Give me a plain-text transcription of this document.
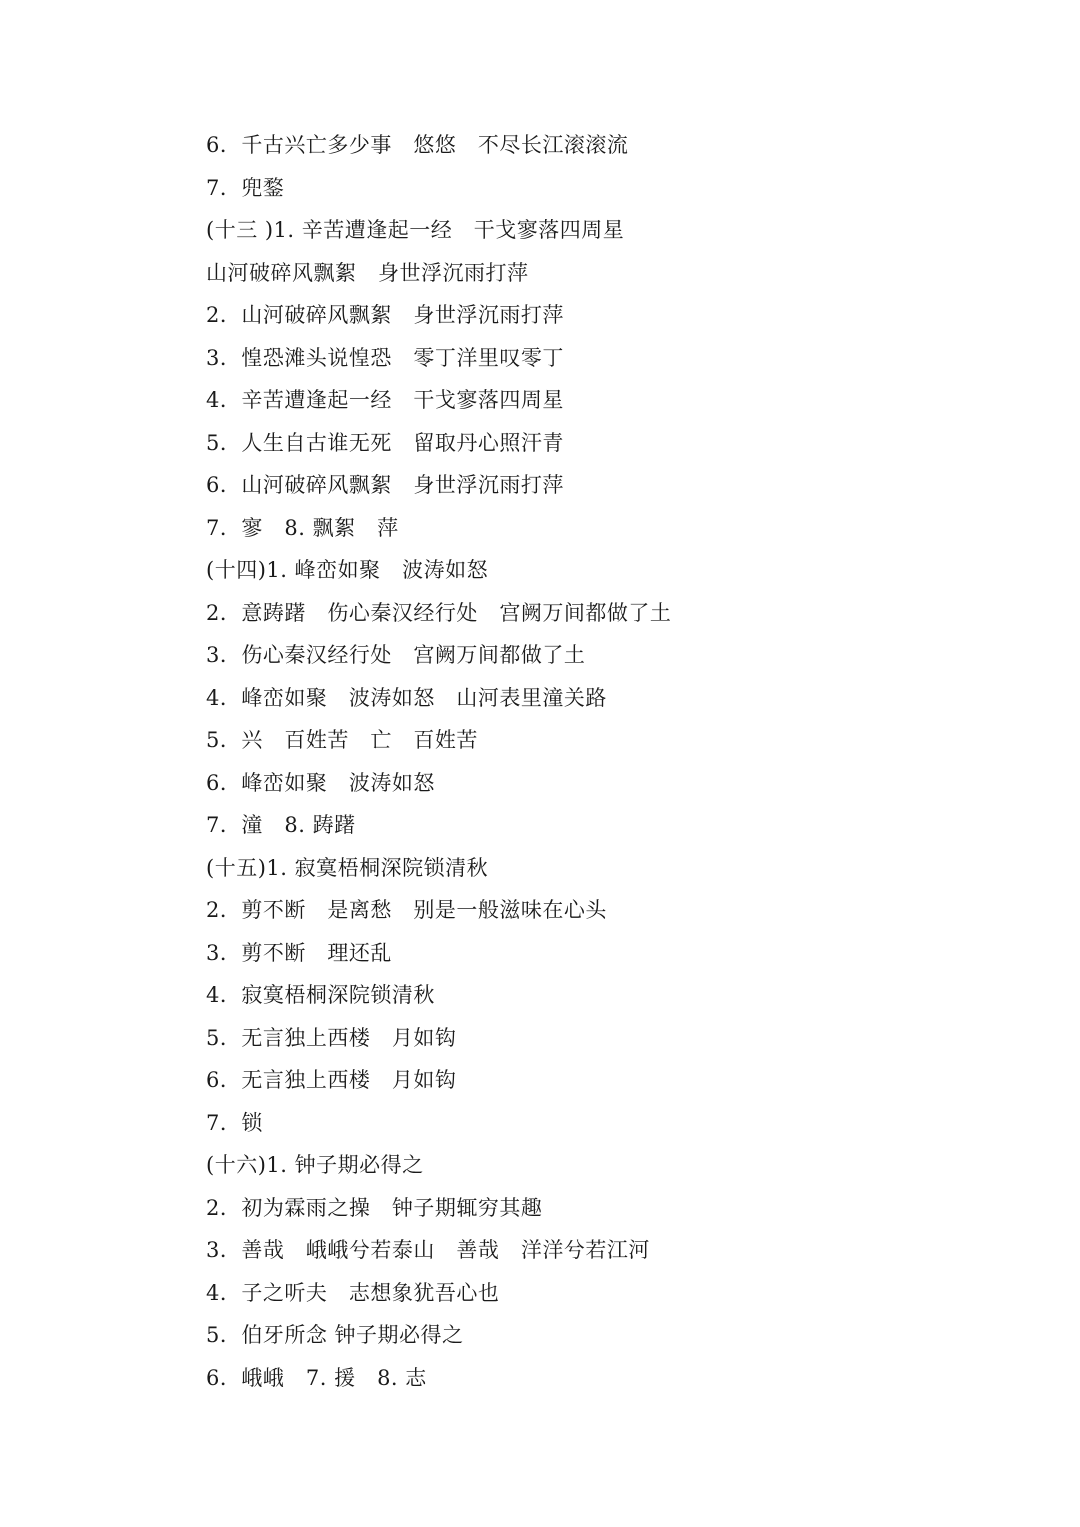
6．千古兴亡多少事　悠悠　不尽长江滚滚流
7．兜鍪
(十三 )1. 辛苦遭逢起一经　干戈寥落四周星
山河破碎风飘絮　身世浮沉雨打萍
2．山河破碎风飘絮　身世浮沉雨打萍
3．惶恐滩头说惶恐　零丁洋里叹零丁
4．辛苦遭逢起一经　干戈寥落四周星
5．人生自古谁无死　留取丹心照汗青
6．山河破碎风飘絮　身世浮沉雨打萍
7．寥　8. 飘絮　萍
(十四)1. 峰峦如聚　波涛如怒
2．意踌躇　伤心秦汉经行处　宫阙万间都做了土
3．伤心秦汉经行处　宫阙万间都做了土
4．峰峦如聚　波涛如怒　山河表里潼关路
5．兴　百姓苦　亡　百姓苦
6．峰峦如聚　波涛如怒
7．潼　8. 踌躇
(十五)1. 寂寞梧桐深院锁清秋
2．剪不断　是离愁　别是一般滋味在心头
3．剪不断　理还乱
4．寂寞梧桐深院锁清秋
5．无言独上西楼　月如钩
6．无言独上西楼　月如钩
7．锁
(十六)1. 钟子期必得之
2．初为霖雨之操　钟子期辄穷其趣
3．善哉　峨峨兮若泰山　善哉　洋洋兮若江河
4．子之听夫　志想象犹吾心也
5．伯牙所念 钟子期必得之
6．峨峨　7. 援　8. 志
